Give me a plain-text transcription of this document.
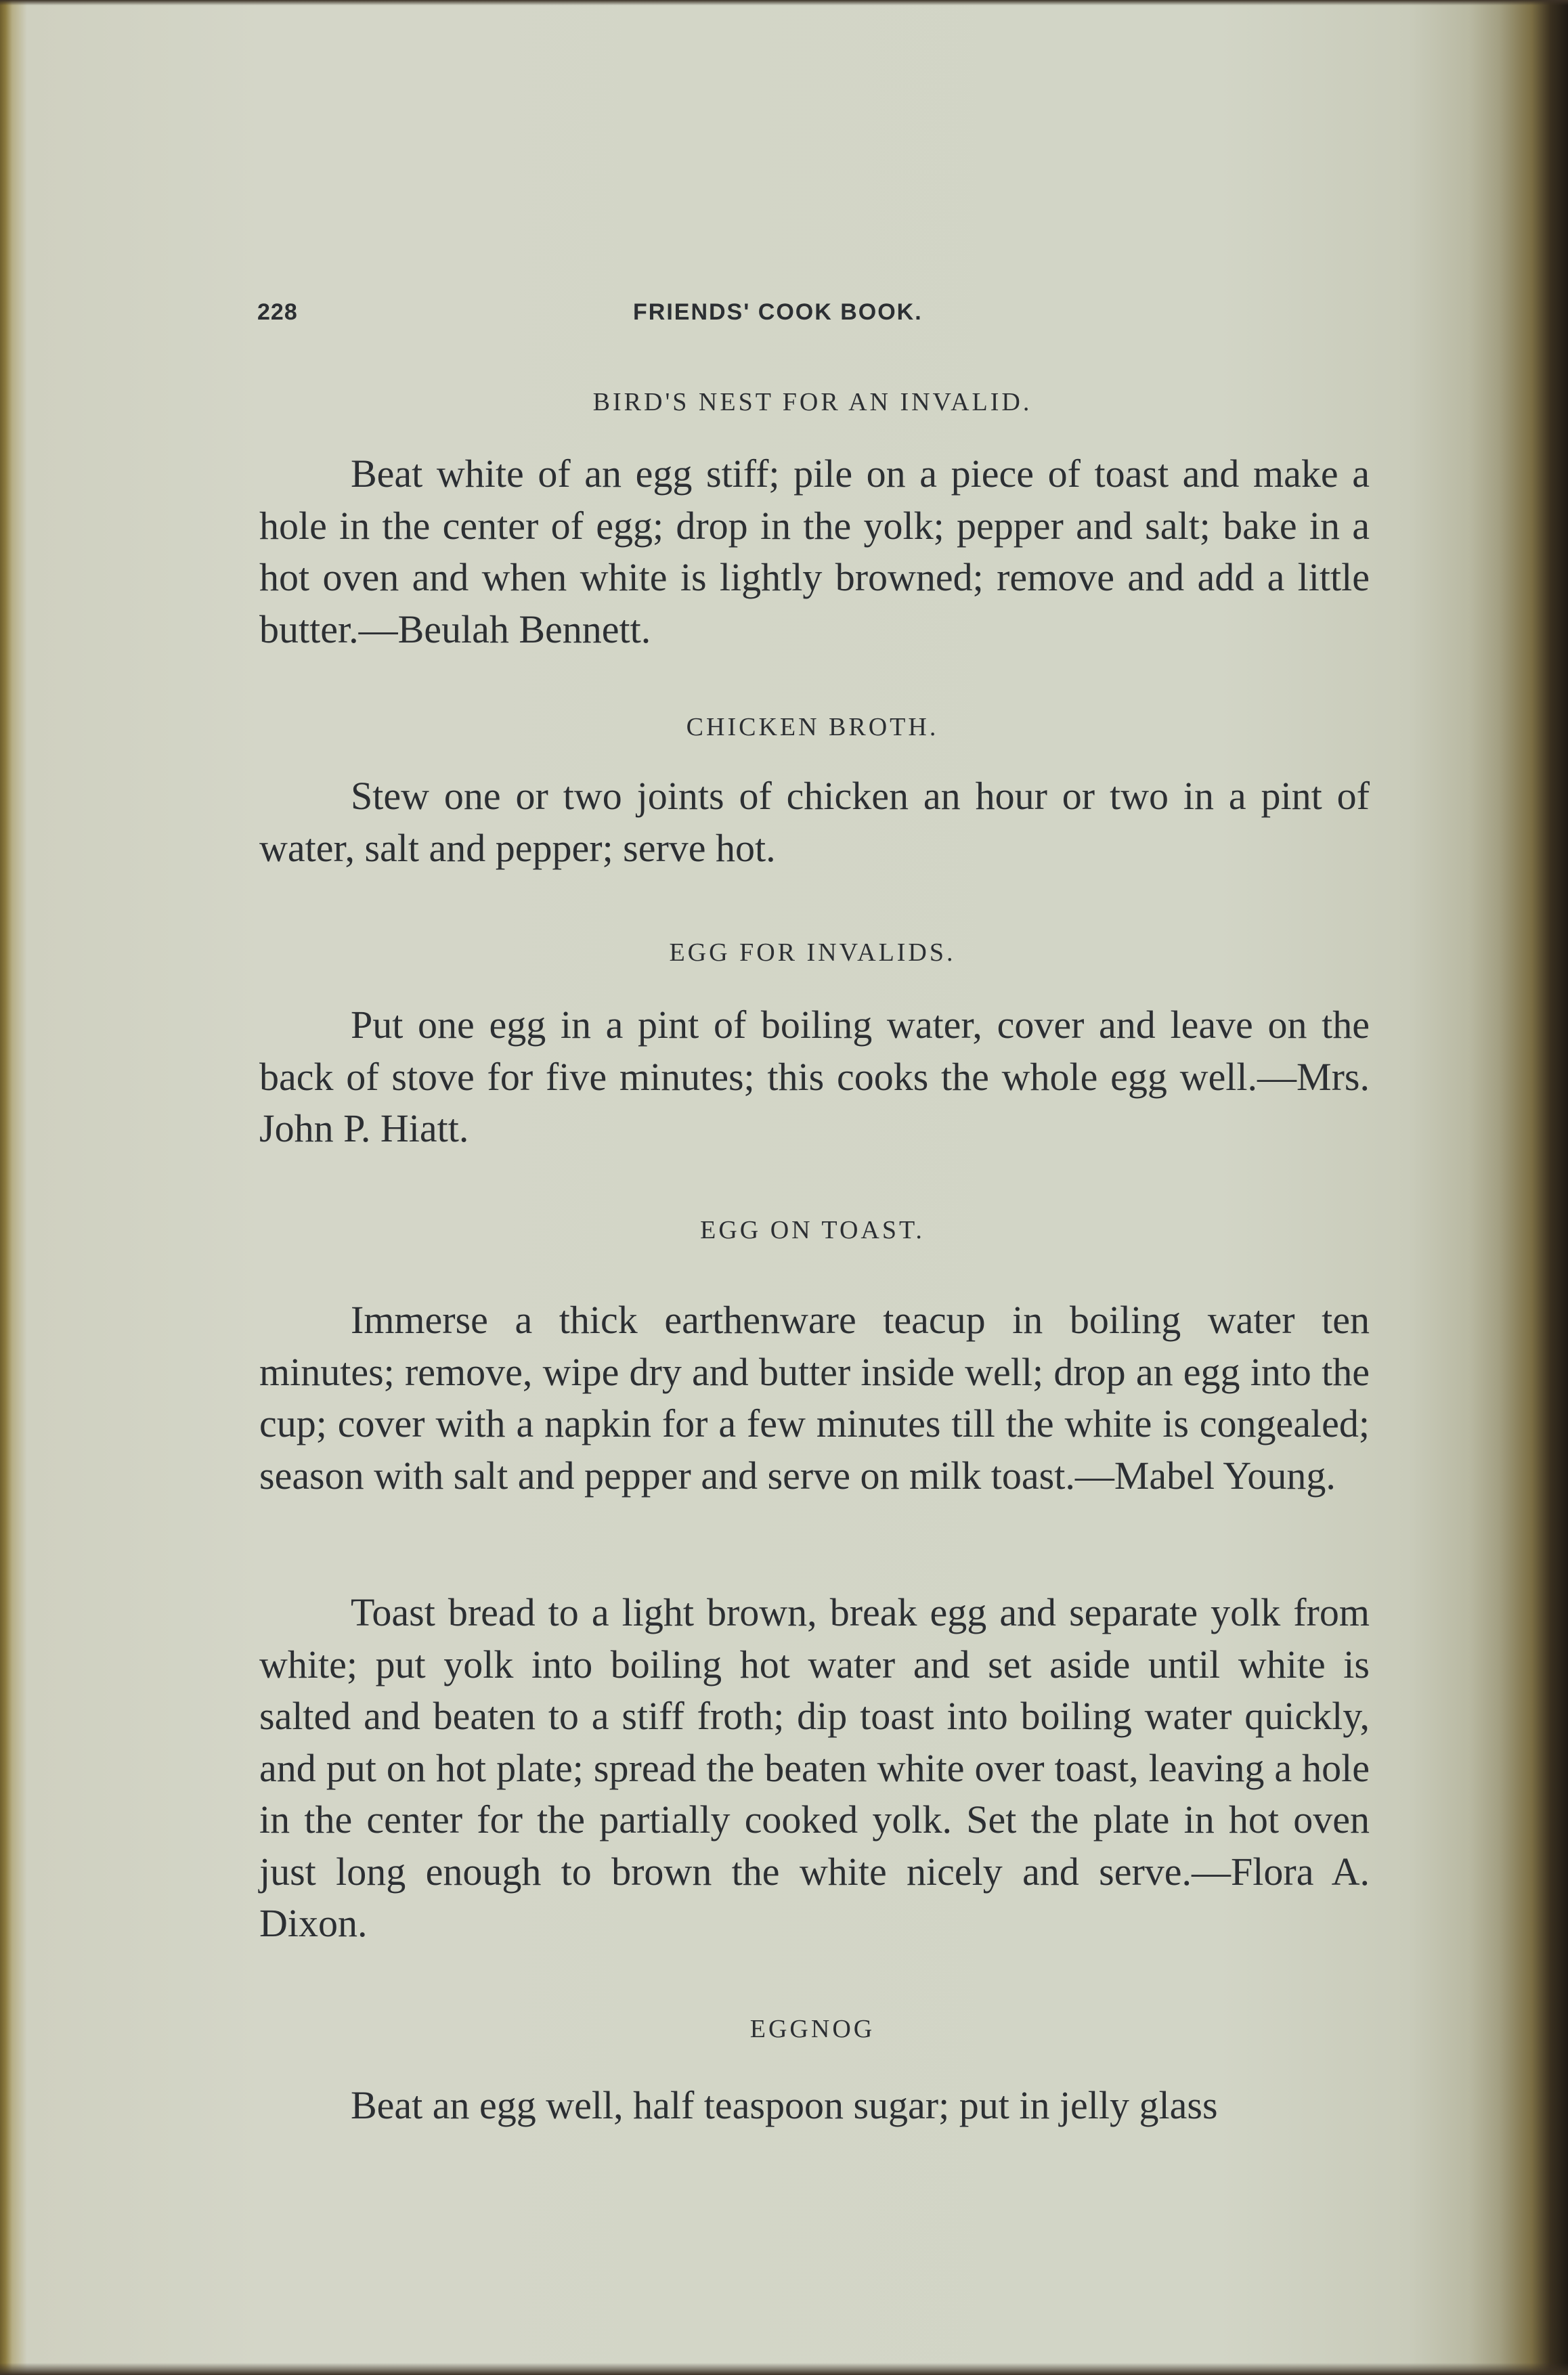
228	FRIENDS' COOK BOOK.
BIRD'S NEST FOR AN INVALID.
Beat white of an egg stiff; pile on a piece of toast and make a hole in the center of egg; drop in the yolk; pepper and salt; bake in a hot oven and when white is lightly browned; remove and add a little butter.—Beulah Bennett.
CHICKEN BROTH.
Stew one or two joints of chicken an hour or two in a pint of water, salt and pepper; serve hot.
EGG FOR INVALIDS.
Put one egg in a pint of boiling water, cover and leave on the back of stove for five minutes; this cooks the whole egg well.—Mrs. John P. Hiatt.
EGG ON TOAST.
Immerse a thick earthenware teacup in boiling water ten minutes; remove, wipe dry and butter inside well; drop an egg into the cup; cover with a napkin for a few minutes till the white is congealed; season with salt and pepper and serve on milk toast.—Mabel Young.
Toast bread to a light brown, break egg and separate yolk from white; put yolk into boiling hot water and set aside until white is salted and beaten to a stiff froth; dip toast into boiling water quickly, and put on hot plate; spread the beaten white over toast, leaving a hole in the center for the partially cooked yolk. Set the plate in hot oven just long enough to brown the white nicely and serve.—Flora A. Dixon.
EGGNOG
Beat an egg well, half teaspoon sugar; put in jelly glass
